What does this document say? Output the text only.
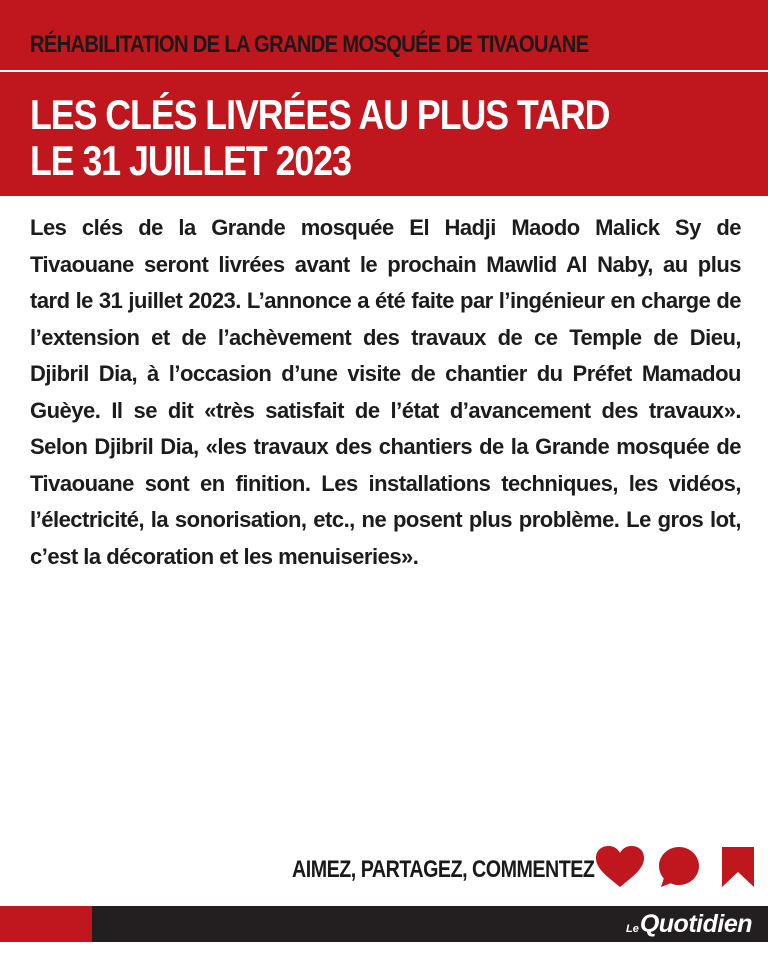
RÉHABILITATION DE LA GRANDE MOSQUÉE DE TIVAOUANE
LES CLÉS LIVRÉES AU PLUS TARD LE 31 JUILLET 2023
Les clés de la Grande mosquée El Hadji Maodo Malick Sy de Tivaouane seront livrées avant le prochain Mawlid Al Naby, au plus tard le 31 juillet 2023. L’annonce a été faite par l’ingénieur en charge de l’extension et de l’achèvement des travaux de ce Temple de Dieu, Djibril Dia, à l’occasion d’une visite de chantier du Préfet Mamadou Guèye. Il se dit «très satisfait de l’état d’avancement des travaux». Selon Djibril Dia, «les travaux des chantiers de la Grande mosquée de Tivaouane sont en finition. Les installations techniques, les vidéos, l’électricité, la sonorisation, etc., ne posent plus problème. Le gros lot, c’est la décoration et les menuiseries».
AIMEZ, PARTAGEZ, COMMENTEZ
Le Quotidien
